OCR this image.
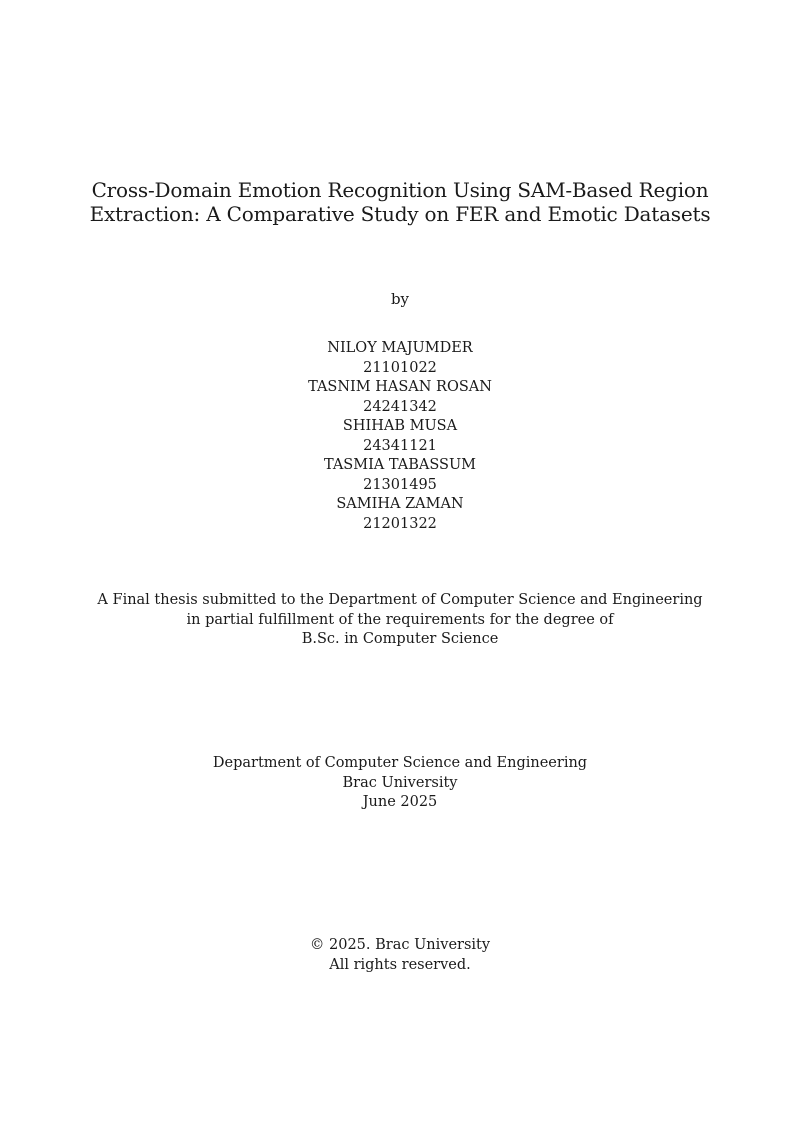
Cross-Domain Emotion Recognition Using SAM-Based Region
Extraction: A Comparative Study on FER and Emotic Datasets
by
NILOY MAJUMDER
21101022
TASNIM HASAN ROSAN
24241342
SHIHAB MUSA
24341121
TASMIA TABASSUM
21301495
SAMIHA ZAMAN
21201322
A Final thesis submitted to the Department of Computer Science and Engineering
in partial fulfillment of the requirements for the degree of
B.Sc. in Computer Science
Department of Computer Science and Engineering
Brac University
June 2025
© 2025. Brac University
All rights reserved.
